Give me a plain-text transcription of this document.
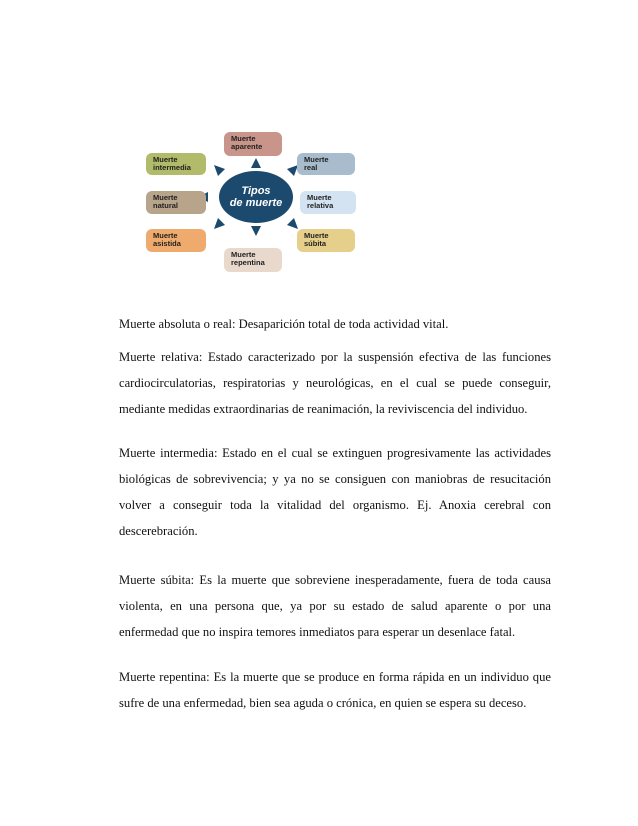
Muerte
aparente
Muerte
real
Muerte
relativa
Muerte
súbita
Muerte
repentina
Muerte
asistida
Muerte
natural
Muerte
intermedia
Tipos
de muerte

Muerte absoluta o real: Desaparición total de toda actividad vital.

Muerte relativa: Estado caracterizado por la suspensión efectiva de las funciones cardiocirculatorias, respiratorias y neurológicas, en el cual se puede conseguir, mediante medidas extraordinarias de reanimación, la reviviscencia del individuo.

Muerte intermedia: Estado en el cual se extinguen progresivamente las actividades biológicas de sobrevivencia; y ya no se consiguen con maniobras de resucitación volver a conseguir toda la vitalidad del organismo. Ej. Anoxia cerebral con descerebración.

Muerte súbita: Es la muerte que sobreviene inesperadamente, fuera de toda causa violenta, en una persona que, ya por su estado de salud aparente o por una enfermedad que no inspira temores inmediatos para esperar un desenlace fatal.

Muerte repentina: Es la muerte que se produce en forma rápida en un individuo que sufre de una enfermedad, bien sea aguda o crónica, en quien se espera su deceso.
